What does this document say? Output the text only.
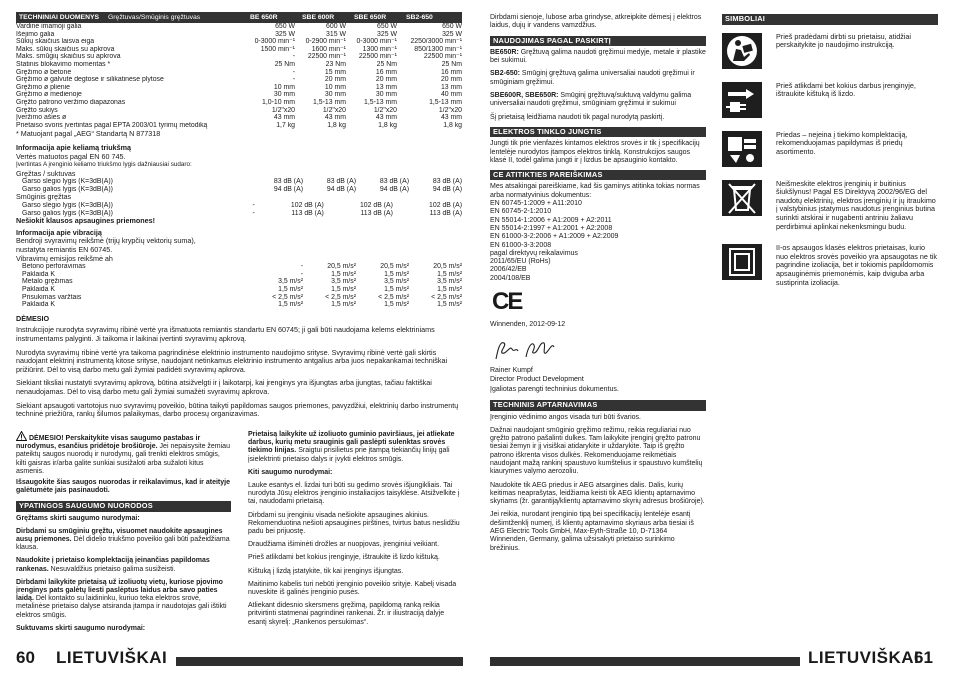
TECHNINIAI DUOMENYS Gręžtuvas/Smūginis gręžtuvas	BE 650R	SBE 600R	SBE 650R	SB2-650
Vardinė imamoji galia	650 W	600 W	650 W	650 W
Išėjimo galia	325 W	315 W	325 W	325 W
Sūkių skaičius laisva eiga	0-3000 min⁻¹	0-2900 min⁻¹	0-3000 min⁻¹	2250/3000 min⁻¹
Maks. sūkių skaičius su apkrova	1500 min⁻¹	1600 min⁻¹	1300 min⁻¹	850/1300 min⁻¹
Maks. smūgių skaičius su apkrova	-	22500 min⁻¹	22500 min⁻¹	22500 min⁻¹
Statinis blokavimo momentas *	25 Nm	23 Nm	25 Nm	25 Nm
Gręžimo ø betone	-	15 mm	16 mm	16 mm
Gręžimo ø galvutė degtose ir silikatinėse plytose	-	20 mm	20 mm	20 mm
Gręžimo ø plienie	10 mm	10 mm	13 mm	13 mm
Gręžimo ø medienoje	30 mm	30 mm	30 mm	40 mm
Gręžto patrono veržimo diapazonas	1,0-10 mm	1,5-13 mm	1,5-13 mm	1,5-13 mm
Gręžto sukiys	1/2"x20	1/2"x20	1/2"x20	1/2"x20
Įveržimo ašies ø	43 mm	43 mm	43 mm	43 mm
Prietaiso svoris įvertintas pagal EPTA 2003/01 tyrimų metodiką	1,7 kg	1,8 kg	1,8 kg	1,8 kg
* Matuojant pagal „AEG“ Standartą N 877318
Informacija apie keliamą triukšmą
Vertės matuotos pagal EN 60 745.
Įvertintas A įrenginio keliamo triukšmo lygis dažniausiai sudaro:
Gręžtas / suktuvas
Garso slėgio lygis (K=3dB(A))	83 dB (A)	83 dB (A)	83 dB (A)	83 dB (A)
Garso galios lygis (K=3dB(A))	94 dB (A)	94 dB (A)	94 dB (A)	94 dB (A)
Smūginis gręžtas
Garso slėgio lygis (K=3dB(A))	-	102 dB (A)	102 dB (A)	102 dB (A)
Garso galios lygis (K=3dB(A))	-	113 dB (A)	113 dB (A)	113 dB (A)
Nešiokit klausos apsaugines priemones!
Informacija apie vibraciją
Bendroji svyravimų reikšmė (trijų krypčių vektorių suma),
nustatyta remiantis EN 60745.
Vibravimų emisijos reikšmė ah
Betono perforavimas	-	20,5 m/s²	20,5 m/s²	20,5 m/s²
Paklaida K	-	1,5 m/s²	1,5 m/s²	1,5 m/s²
Metalo gręžimas	3,5 m/s²	3,5 m/s²	3,5 m/s²	3,5 m/s²
Paklaida K	1,5 m/s²	1,5 m/s²	1,5 m/s²	1,5 m/s²
Prisukimas varžtais	< 2,5 m/s²	< 2,5 m/s²	< 2,5 m/s²	< 2,5 m/s²
Paklaida K	1,5 m/s²	1,5 m/s²	1,5 m/s²	1,5 m/s²
DĖMESIO

Instrukcijoje nurodyta svyravimų ribinė vertė yra išmatuota remiantis standartu EN 60745; ji gali būti naudojama kelems elektriniams instrumentams palyginti. Ji taikoma ir laikinai įvertinti svyravimų apkrovą.

Nurodyta svyravimų ribinė vertė yra taikoma pagrindinėse elektrinio instrumento naudojimo srityse. Svyravimų ribinė vertė gali skirtis naudojant elektrinį instrumentą kitose srityse, naudojant netinkamus elektrinio instrumento antgalius arba juos nepakankamai techniškai prižiūrint. Dėl to visą darbo metu gali žymiai padidėti svyravimų apkrova.

Siekiant tiksliai nustatyti svyravimų apkrovą, būtina atsižvelgti ir į laikotarpį, kai įrenginys yra išjungtas arba įjungtas, tačiau faktiškai nenaudojamas. Dėl to visą darbo metu gali žymiai sumažėti svyravimų apkrova.

Siekiant apsaugoti vartotojus nuo svyravimų poveikio, būtina taikyti papildomas saugos priemones, pavyzdžiui, elektrinių darbo instrumentų techninė priežiūra, rankų šilumos palaikymas, darbo procesų organizavimas.

DĖMESIO! Perskaitykite visas saugumo pastabas ir nurodymus, esančius pridėtoje brošiūroje. Jei nepaisysite žemiau pateiktų saugos nuorodų ir nurodymų, gali trenkti elektros smūgis, kilti gaisras ir/arba galite sunkiai susižaloti arba sužaloti kitus asmenis.
Išsaugokite šias saugos nuorodas ir reikalavimus, kad ir ateityje galėtumėte jais pasinaudoti.
YPATINGOS SAUGUMO NUORODOS

Gręžtams skirti saugumo nurodymai:

Dirbdami su smūginiu gręžtu, visuomet naudokite apsaugines ausų priemones. Dėl didelio triukšmo poveikio gali būti pažeidžiama klausa.

Naudokite į prietaiso komplektaciją įeinančias papildomas rankenas. Nesuvaldžius prietaiso galima susižeisti.

Dirbdami laikykite prietaisą už izoliuotų vietų, kuriose pjovimo įrenginys pats galėtų liesti paslėptus laidus arba savo paties laidą. Dėl kontakto su laidininku, kuriuo teka elektros srovė, metalinėse prietaiso dalyse atsiranda įtampa ir naudotojas gali ištikti elektros smūgis.

Suktuvams skirti saugumo nurodymai:

Prietaisą laikykite už izoliuoto guminio paviršiaus, jei atliekate darbus, kurių metu srauginis gali paslėpti sulenktas srovės tiekimo linijas. Sraigtui prisilietus prie įtampą tiekiančių linijų gali įsielektrinti prietaiso dalys ir įvykti elektros smūgis.

Kiti saugumo nurodymai:

Lauke esantys el. lizdai turi būti su gedimo srovės išjungikliais. Tai nurodyta Jūsų elektros įrenginio instaliacijos taisyklėse. Atsižvelkite į tai, naudodami prietaisą.

Dirbdami su įrenginiu visada nešiokite apsaugines akinius. Rekomenduotina nešioti apsaugines pirštines, tvirtus batus neslidžiu padu bei prijuostę.

Draudžiama išiminėti drožles ar nuopjovas, įrenginiui veikiant.

Prieš atlikdami bet kokius įrenginyje, ištraukite iš lizdo kištuką.

Kištuką į lizdą įstatykite, tik kai įrenginys išjungtas.

Maitinimo kabelis turi nebūti įrenginio poveikio srityje. Kabelį visada nuveskite iš galinės įrenginio pusės.

Atliekant didesnio skersmens gręžimą, papildomą ranką reikia pritvirtinti statmenai pagrindinei rankenai. Žr. ir iliustraciją dalyje esantį skyrelį: „Rankenos persukimas“.

60 LIETUVIŠKAI

Dirbdami sienoje, lubose arba grindyse, atkreipkite dėmesį į elektros laidus, dujų ir vandens vamzdžius.

NAUDOJIMAS PAGAL PASKIRTĮ

BE650R: Gręžtuvą galima naudoti gręžimui medyje, metale ir plastike bei sukimui.

SB2-650: Smūginį gręžtuvą galima universaliai naudoti gręžimui ir smūginiam gręžimui.

SBE600R, SBE650R: Smūginį gręžtuvą/suktuvą valdymu galima universaliai naudoti gręžimui, smūginiam gręžimui ir sukimui

Šį prietaisą leidžiama naudoti tik pagal nurodytą paskirtį.

ELEKTROS TINKLO JUNGTIS

Jungti tik prie vienfazės kintamos elektros srovės ir tik į specifikacijų lentelėje nurodytos įtampos elektros tinklą. Konstrukcijos saugos klasė II, todėl galima jungti ir į lizdus be apsauginio kontakto.

CE ATITIKTIES PAREIŠKIMAS
Mes atsakingai pareiškiame, kad šis gaminys atitinka tokias normas arba normatyvinius dokumentus:
EN 60745-1:2009 + A11:2010
EN 60745-2-1:2010
EN 55014-1:2006 + A1:2009 + A2:2011
EN 55014-2:1997 + A1:2001 + A2:2008
EN 61000-3-2:2006 + A1:2009 + A2:2009
EN 61000-3-3:2008
pagal direktyvų reikalavimus
2011/65/EU (RoHs)
2006/42/EB
2004/108/EB
CE
Winnenden, 2012-09-12
Rainer Kumpf
Director Product Development
Įgaliotas parengti techninius dokumentus.
TECHNINIS APTARNAVIMAS

Įrenginio vėdinimo angos visada turi būti švarios.

Dažnai naudojant smūginio gręžimo režimu, reikia reguliariai nuo gręžto patrono pašalinti dulkes. Tam laikykite įrenginį gręžto patronu tiesiai žemyn ir jį visiškai atidarykite ir uždarykite. Taip iš gręžto patrono iškrenta visos dulkės. Rekomenduojame reikmėtiais naudojant mažą rankinį spaustuvo kumštelius ir spaustuvo kumštelių kiaurymes valymo aerozoliu.

Naudokite tik AEG priedus ir AEG atsargines dalis. Dalis, kurių keitimas neaprašytas, leidžiama keisti tik AEG klientų aptarnavimo skyriams (žr. garantiją/klientų aptarnavimo skyrių adresus brošiūroje).

Jei reikia, nurodant įrenginio tipą bei specifikacijų lentelėje esantį dešimtženklį numerį, iš klientų aptarnavimo skyriaus arba tiesiai iš AEG Electric Tools GmbH, Max-Eyth-Straße 10, D-71364 Winnenden, Germany, galima užsisakyti prietaiso surinkimo brėžinius.

SIMBOLIAI
Prieš pradėdami dirbti su prietaisu, atidžiai perskaitykite jo naudojimo instrukciją.
Prieš atlikdami bet kokius darbus įrenginyje, ištraukite kištuką iš lizdo.
Priedas – nejeina į tiekimo komplektaciją, rekomenduojamas papildymas iš priedų asortimento.
Neišmeskite elektros įrenginių ir buitinius šiukšlynus! Pagal ES Direktyvą 2002/96/EG del naudotų elektrinių, elektros įrenginių ir jų itraukimo į valstybinius įstatymus naudotus įrenginius butina surinkti atskirai ir nugabenti antriniu žaliavu perdirbimui aplinkai nekenksmingu budu.
II-os apsaugos klasės elektros prietaisas, kurio nuo elektros srovės poveikio yra apsaugotas ne tik pagrindine izoliacija, bet ir tokiomis papildomomis apsauginėmis priemonėmis, kaip dviguba arba sustiprinta izoliacija.
LIETUVIŠKAI
61
